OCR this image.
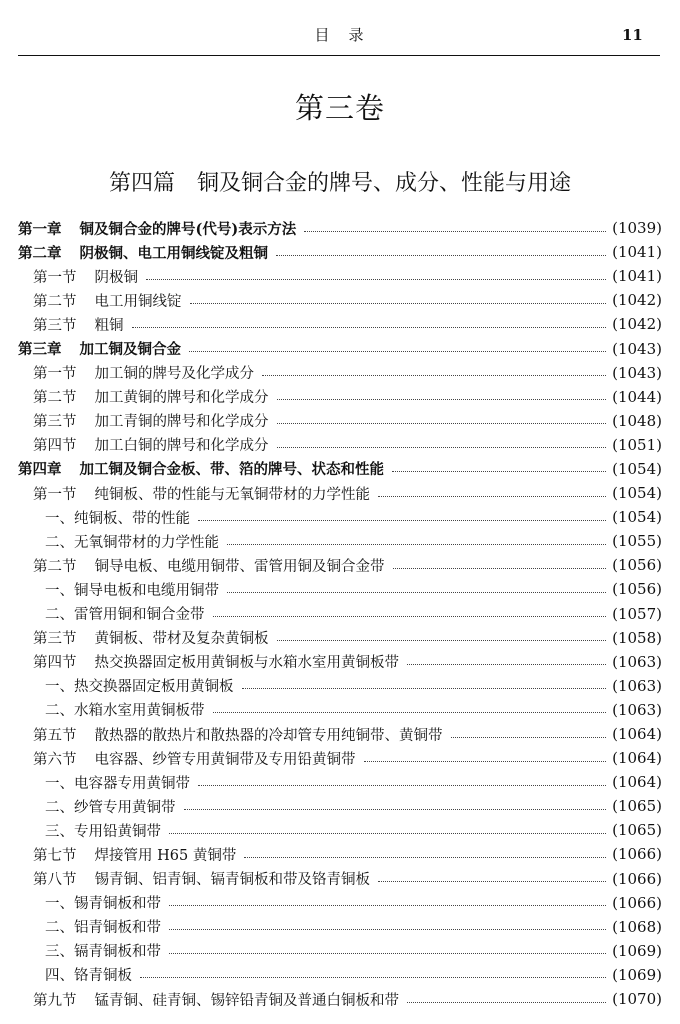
目　录	11
第三卷
第四篇 铜及铜合金的牌号、成分、性能与用途
第一章 铜及铜合金的牌号(代号)表示方法	(1039)
第二章 阴极铜、电工用铜线锭及粗铜	(1041)
第一节 阴极铜	(1041)
第二节 电工用铜线锭	(1042)
第三节 粗铜	(1042)
第三章 加工铜及铜合金	(1043)
第一节 加工铜的牌号及化学成分	(1043)
第二节 加工黄铜的牌号和化学成分	(1044)
第三节 加工青铜的牌号和化学成分	(1048)
第四节 加工白铜的牌号和化学成分	(1051)
第四章 加工铜及铜合金板、带、箔的牌号、状态和性能	(1054)
第一节 纯铜板、带的性能与无氧铜带材的力学性能	(1054)
一、纯铜板、带的性能	(1054)
二、无氧铜带材的力学性能	(1055)
第二节 铜导电板、电缆用铜带、雷管用铜及铜合金带	(1056)
一、铜导电板和电缆用铜带	(1056)
二、雷管用铜和铜合金带	(1057)
第三节 黄铜板、带材及复杂黄铜板	(1058)
第四节 热交换器固定板用黄铜板与水箱水室用黄铜板带	(1063)
一、热交换器固定板用黄铜板	(1063)
二、水箱水室用黄铜板带	(1063)
第五节 散热器的散热片和散热器的冷却管专用纯铜带、黄铜带	(1064)
第六节 电容器、纱管专用黄铜带及专用铅黄铜带	(1064)
一、电容器专用黄铜带	(1064)
二、纱管专用黄铜带	(1065)
三、专用铅黄铜带	(1065)
第七节 焊接管用 H65 黄铜带	(1066)
第八节 锡青铜、铝青铜、镉青铜板和带及铬青铜板	(1066)
一、锡青铜板和带	(1066)
二、铝青铜板和带	(1068)
三、镉青铜板和带	(1069)
四、铬青铜板	(1069)
第九节 锰青铜、硅青铜、锡锌铅青铜及普通白铜板和带	(1070)
